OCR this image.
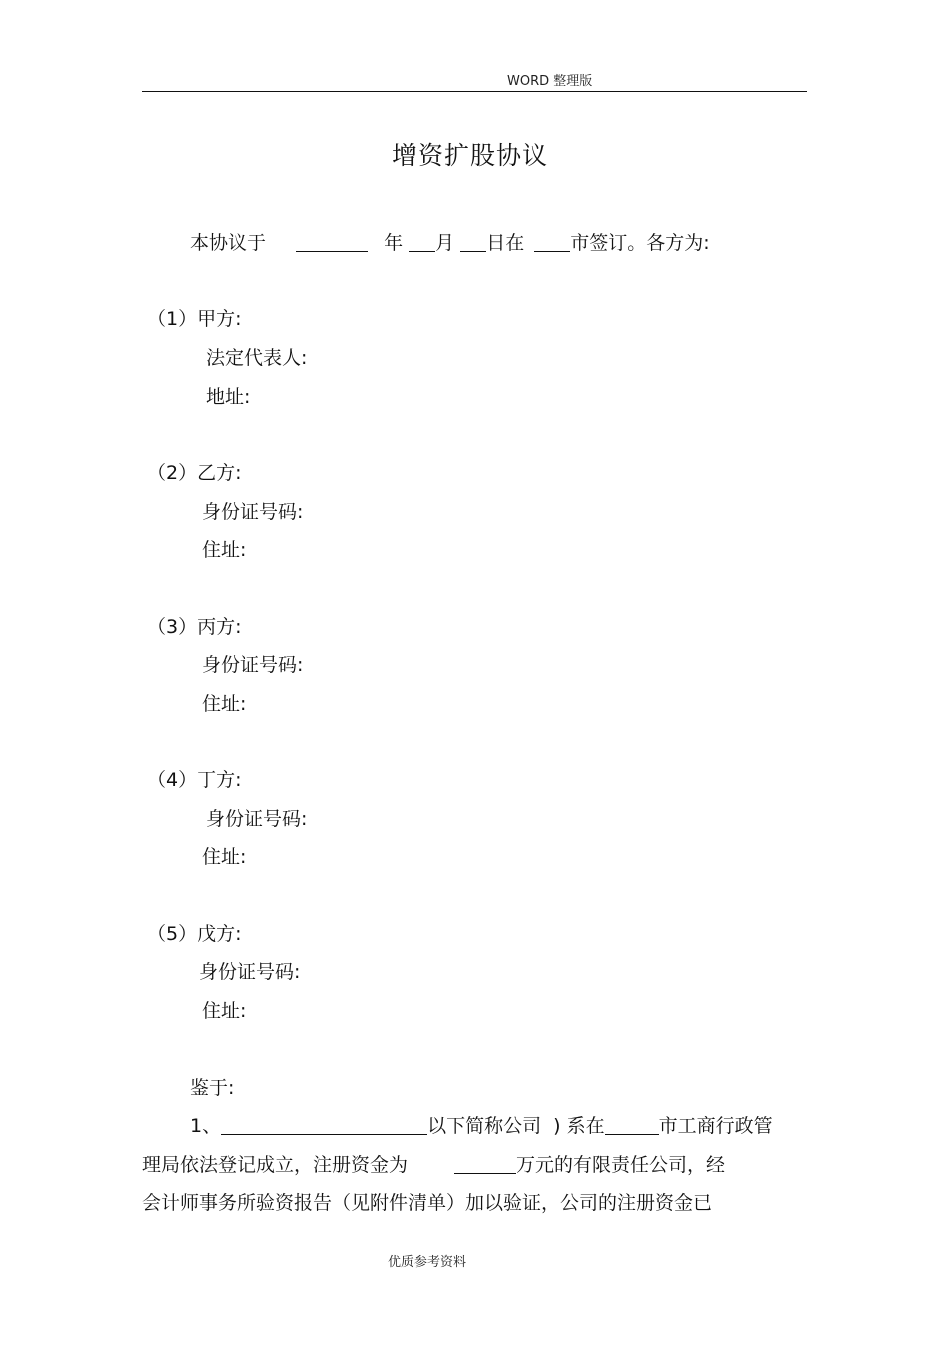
WORD 整理版
增资扩股协议
本协议于	年 月 日在 市签订。各方为:
（1）甲方:
法定代表人:
地址:
（2）乙方:
身份证号码:
住址:
（3）丙方:
身份证号码:
住址:
（4）丁方:
身份证号码:
住址:
（5）戊方:
身份证号码:
住址:
鉴于:
1、	以下简称公司 ) 系在	市工商行政管
理局依法登记成立，注册资金为	万元的有限责任公司，经
会计师事务所验资报告（见附件清单）加以验证，公司的注册资金已
优质参考资料
